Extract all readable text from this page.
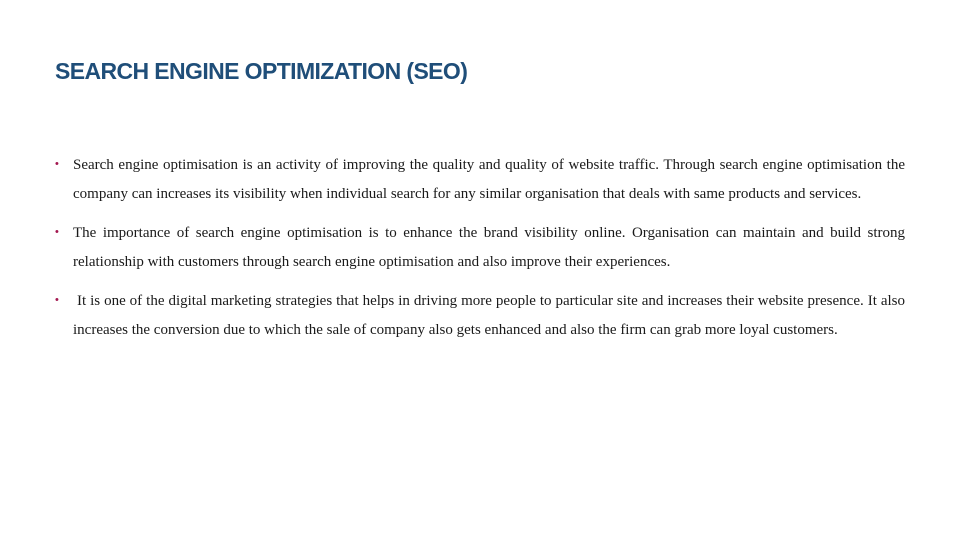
SEARCH ENGINE OPTIMIZATION (SEO)
• Search engine optimisation is an activity of improving the quality and quality of website traffic. Through search engine optimisation the company can increases its visibility when individual search for any similar organisation that deals with same products and services.
• The importance of search engine optimisation is to enhance the brand visibility online. Organisation can maintain and build strong relationship with customers through search engine optimisation and also improve their experiences.
• It is one of the digital marketing strategies that helps in driving more people to particular site and increases their website presence. It also increases the conversion due to which the sale of company also gets enhanced and also the firm can grab more loyal customers.
